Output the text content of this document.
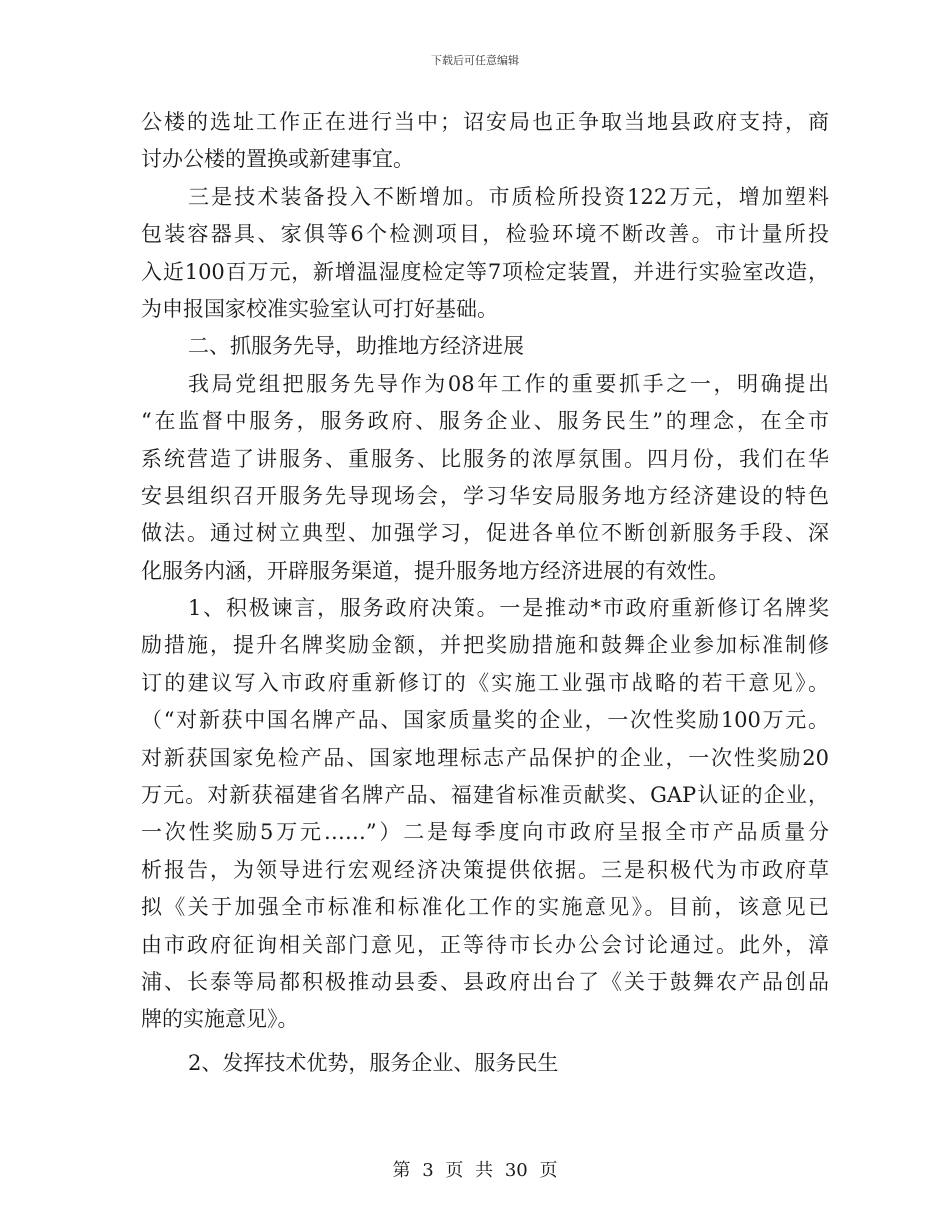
下载后可任意编辑
公楼的选址工作正在进行当中；诏安局也正争取当地县政府支持，商
讨办公楼的置换或新建事宜。
三是技术装备投入不断增加。市质检所投资122万元，增加塑料
包装容器具、家俱等6个检测项目，检验环境不断改善。市计量所投
入近100百万元，新增温湿度检定等7项检定装置，并进行实验室改造，
为申报国家校准实验室认可打好基础。
二、抓服务先导，助推地方经济进展
我局党组把服务先导作为08年工作的重要抓手之一，明确提出
“在监督中服务，服务政府、服务企业、服务民生”的理念，在全市
系统营造了讲服务、重服务、比服务的浓厚氛围。四月份，我们在华
安县组织召开服务先导现场会，学习华安局服务地方经济建设的特色
做法。通过树立典型、加强学习，促进各单位不断创新服务手段、深
化服务内涵，开辟服务渠道，提升服务地方经济进展的有效性。
1、积极谏言，服务政府决策。一是推动*市政府重新修订名牌奖
励措施，提升名牌奖励金额，并把奖励措施和鼓舞企业参加标准制修
订的建议写入市政府重新修订的《实施工业强市战略的若干意见》。
（“对新获中国名牌产品、国家质量奖的企业，一次性奖励100万元。
对新获国家免检产品、国家地理标志产品保护的企业，一次性奖励20
万元。对新获福建省名牌产品、福建省标准贡献奖、GAP认证的企业，
一次性奖励5万元……”）二是每季度向市政府呈报全市产品质量分
析报告，为领导进行宏观经济决策提供依据。三是积极代为市政府草
拟《关于加强全市标准和标准化工作的实施意见》。目前，该意见已
由市政府征询相关部门意见，正等待市长办公会讨论通过。此外，漳
浦、长泰等局都积极推动县委、县政府出台了《关于鼓舞农产品创品
牌的实施意见》。
2、发挥技术优势，服务企业、服务民生
第 3 页 共 30 页
